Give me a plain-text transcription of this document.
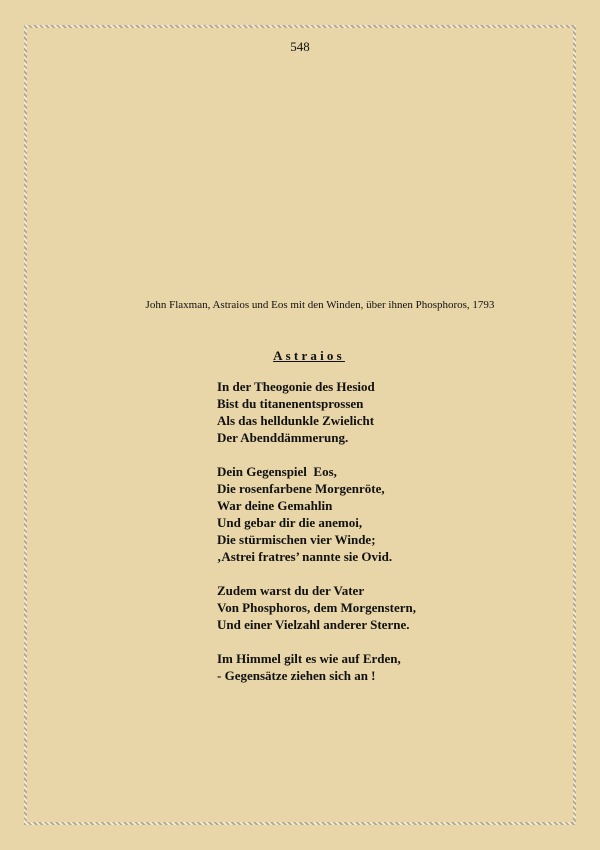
548
John Flaxman, Astraios und Eos mit den Winden, über ihnen Phosphoros, 1793
Astraios
In der Theogonie des Hesiod
Bist du titanenentsprossen
Als das helldunkle Zwielicht
Der Abenddämmerung.
Dein Gegenspiel  Eos,
Die rosenfarbene Morgenröte,
War deine Gemahlin
Und gebar dir die anemoi,
Die stürmischen vier Winde;
‚Astrei fratres’ nannte sie Ovid.
Zudem warst du der Vater
Von Phosphoros, dem Morgenstern,
Und einer Vielzahl anderer Sterne.
Im Himmel gilt es wie auf Erden,
- Gegensätze ziehen sich an !
